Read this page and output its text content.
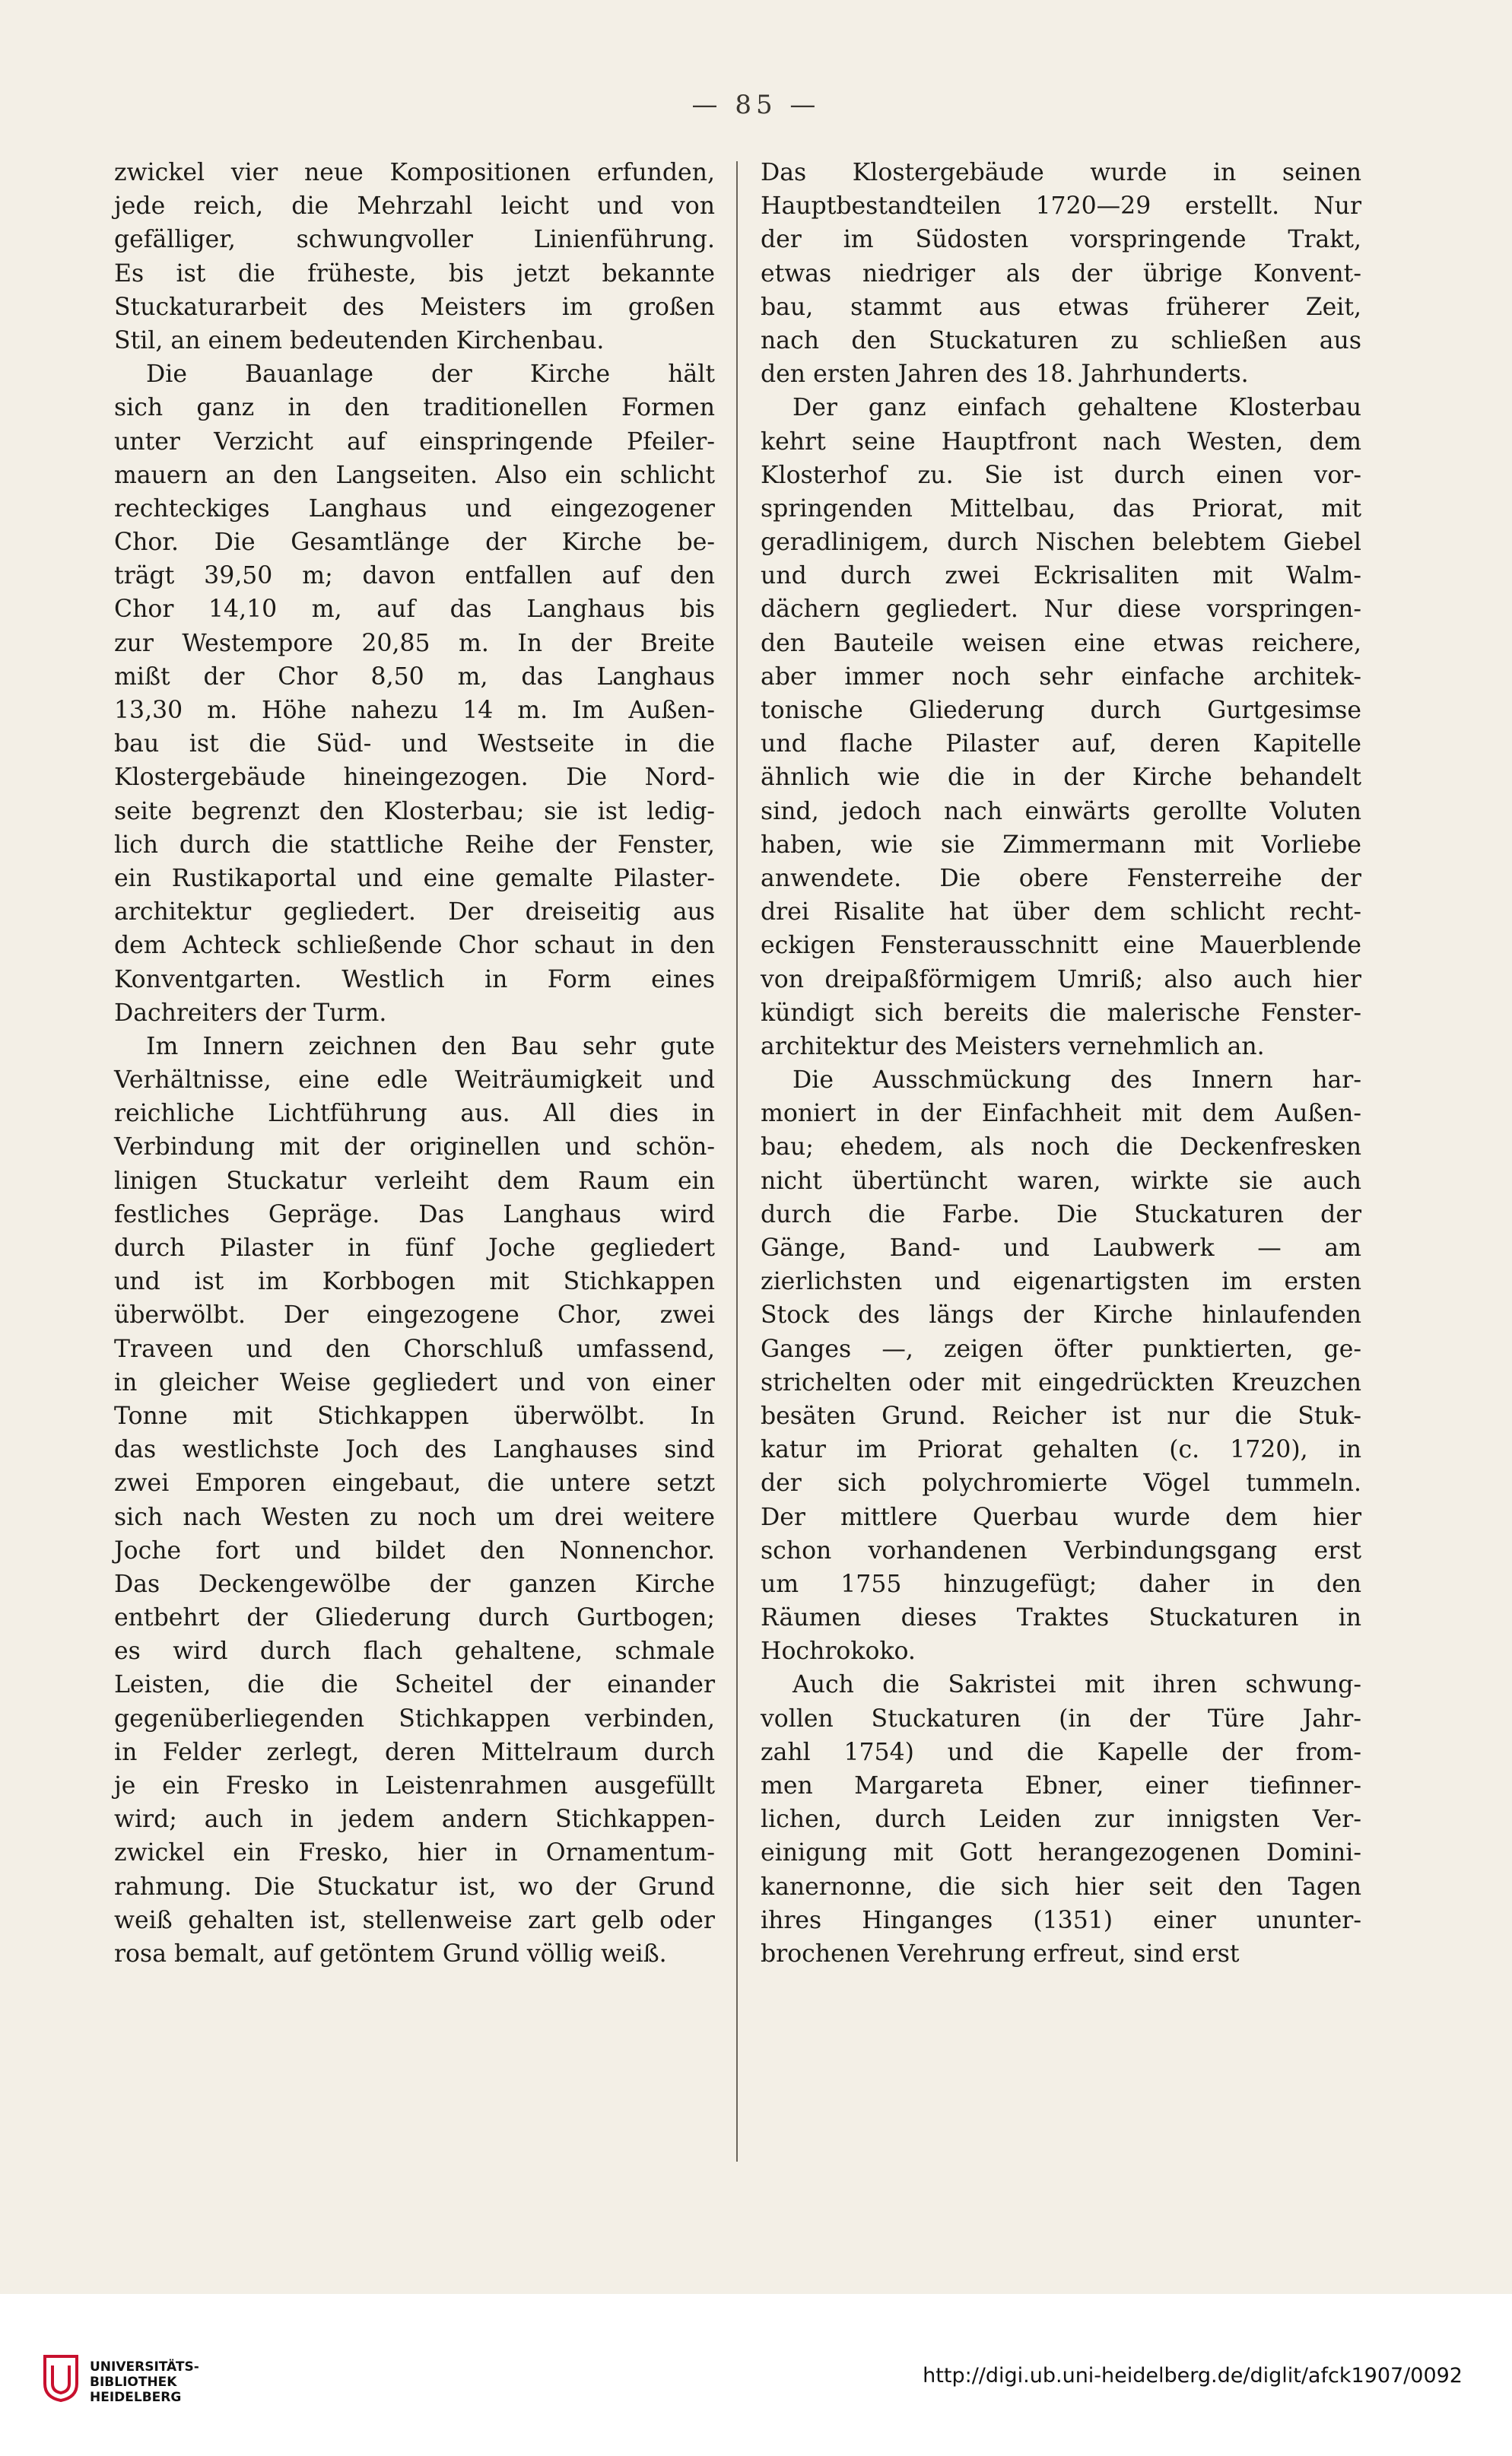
— 85 —
zwickel vier neue Kompositionen erfunden,
jede reich, die Mehrzahl leicht und von
gefälliger, schwungvoller Linienführung.
Es ist die früheste, bis jetzt bekannte
Stuckaturarbeit des Meisters im großen
Stil, an einem bedeutenden Kirchenbau.
Die Bauanlage der Kirche hält
sich ganz in den traditionellen Formen
unter Verzicht auf einspringende Pfeiler-
mauern an den Langseiten. Also ein schlicht
rechteckiges Langhaus und eingezogener
Chor. Die Gesamtlänge der Kirche be-
trägt 39,50 m; davon entfallen auf den
Chor 14,10 m, auf das Langhaus bis
zur Westempore 20,85 m. In der Breite
mißt der Chor 8,50 m, das Langhaus
13,30 m. Höhe nahezu 14 m. Im Außen-
bau ist die Süd- und Westseite in die
Klostergebäude hineingezogen. Die Nord-
seite begrenzt den Klosterbau; sie ist ledig-
lich durch die stattliche Reihe der Fenster,
ein Rustikaportal und eine gemalte Pilaster-
architektur gegliedert. Der dreiseitig aus
dem Achteck schließende Chor schaut in den
Konventgarten. Westlich in Form eines
Dachreiters der Turm.
Im Innern zeichnen den Bau sehr gute
Verhältnisse, eine edle Weiträumigkeit und
reichliche Lichtführung aus. All dies in
Verbindung mit der originellen und schön-
linigen Stuckatur verleiht dem Raum ein
festliches Gepräge. Das Langhaus wird
durch Pilaster in fünf Joche gegliedert
und ist im Korbbogen mit Stichkappen
überwölbt. Der eingezogene Chor, zwei
Traveen und den Chorschluß umfassend,
in gleicher Weise gegliedert und von einer
Tonne mit Stichkappen überwölbt. In
das westlichste Joch des Langhauses sind
zwei Emporen eingebaut, die untere setzt
sich nach Westen zu noch um drei weitere
Joche fort und bildet den Nonnenchor.
Das Deckengewölbe der ganzen Kirche
entbehrt der Gliederung durch Gurtbogen;
es wird durch flach gehaltene, schmale
Leisten, die die Scheitel der einander
gegenüberliegenden Stichkappen verbinden,
in Felder zerlegt, deren Mittelraum durch
je ein Fresko in Leistenrahmen ausgefüllt
wird; auch in jedem andern Stichkappen-
zwickel ein Fresko, hier in Ornamentum-
rahmung. Die Stuckatur ist, wo der Grund
weiß gehalten ist, stellenweise zart gelb oder
rosa bemalt, auf getöntem Grund völlig weiß.
Das Klostergebäude wurde in seinen
Hauptbestandteilen 1720—29 erstellt. Nur
der im Südosten vorspringende Trakt,
etwas niedriger als der übrige Konvent-
bau, stammt aus etwas früherer Zeit,
nach den Stuckaturen zu schließen aus
den ersten Jahren des 18. Jahrhunderts.
Der ganz einfach gehaltene Klosterbau
kehrt seine Hauptfront nach Westen, dem
Klosterhof zu. Sie ist durch einen vor-
springenden Mittelbau, das Priorat, mit
geradlinigem, durch Nischen belebtem Giebel
und durch zwei Eckrisaliten mit Walm-
dächern gegliedert. Nur diese vorspringen-
den Bauteile weisen eine etwas reichere,
aber immer noch sehr einfache architek-
tonische Gliederung durch Gurtgesimse
und flache Pilaster auf, deren Kapitelle
ähnlich wie die in der Kirche behandelt
sind, jedoch nach einwärts gerollte Voluten
haben, wie sie Zimmermann mit Vorliebe
anwendete. Die obere Fensterreihe der
drei Risalite hat über dem schlicht recht-
eckigen Fensterausschnitt eine Mauerblende
von dreipaßförmigem Umriß; also auch hier
kündigt sich bereits die malerische Fenster-
architektur des Meisters vernehmlich an.
Die Ausschmückung des Innern har-
moniert in der Einfachheit mit dem Außen-
bau; ehedem, als noch die Deckenfresken
nicht übertüncht waren, wirkte sie auch
durch die Farbe. Die Stuckaturen der
Gänge, Band- und Laubwerk — am
zierlichsten und eigenartigsten im ersten
Stock des längs der Kirche hinlaufenden
Ganges —, zeigen öfter punktierten, ge-
strichelten oder mit eingedrückten Kreuzchen
besäten Grund. Reicher ist nur die Stuk-
katur im Priorat gehalten (c. 1720), in
der sich polychromierte Vögel tummeln.
Der mittlere Querbau wurde dem hier
schon vorhandenen Verbindungsgang erst
um 1755 hinzugefügt; daher in den
Räumen dieses Traktes Stuckaturen in
Hochrokoko.
Auch die Sakristei mit ihren schwung-
vollen Stuckaturen (in der Türe Jahr-
zahl 1754) und die Kapelle der from-
men Margareta Ebner, einer tiefinner-
lichen, durch Leiden zur innigsten Ver-
einigung mit Gott herangezogenen Domini-
kanernonne, die sich hier seit den Tagen
ihres Hinganges (1351) einer ununter-
brochenen Verehrung erfreut, sind erst
UNIVERSITÄTS-
BIBLIOTHEK
HEIDELBERG
http://digi.ub.uni-heidelberg.de/diglit/afck1907/0092
